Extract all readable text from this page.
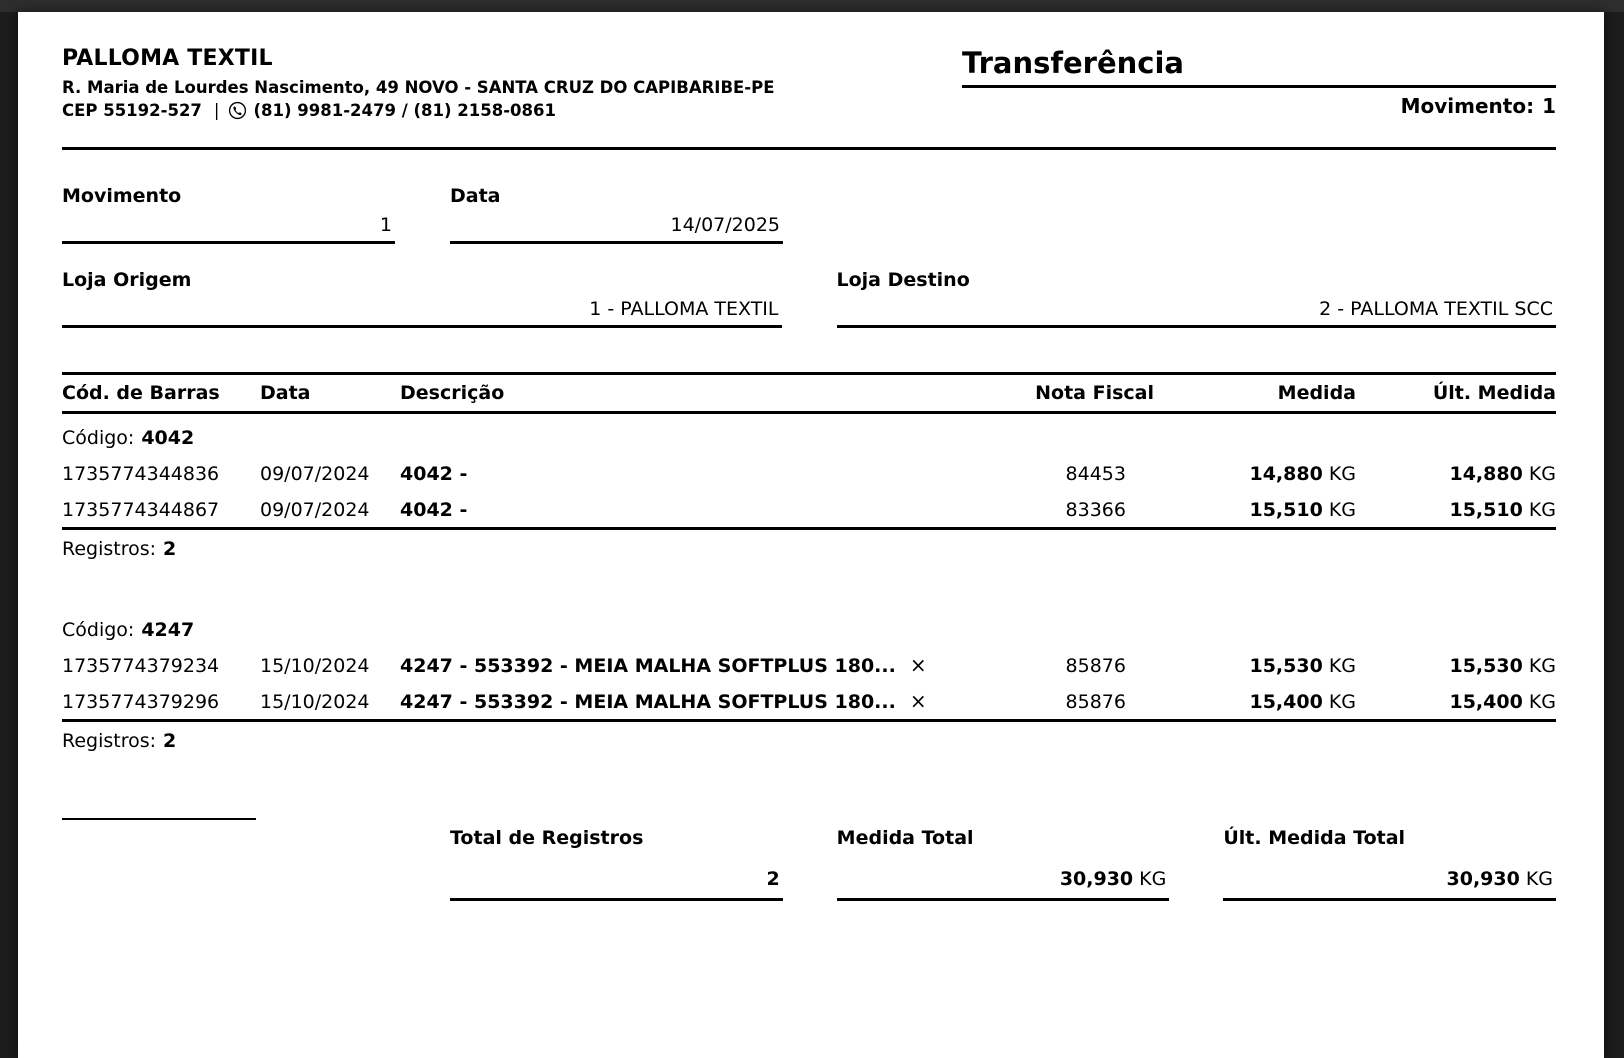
PALLOMA TEXTIL
R. Maria de Lourdes Nascimento, 49 NOVO - SANTA CRUZ DO CAPIBARIBE-PE
CEP 55192-527 | (81) 9981-2479 / (81) 2158-0861
Transferência
Movimento: 1
Movimento
1
Data
14/07/2025
Loja Origem
1 - PALLOMA TEXTIL
Loja Destino
2 - PALLOMA TEXTIL SCC
Cód. de Barras	Data	Descrição	Nota Fiscal	Medida	Últ. Medida
Código: 4042
1735774344836	09/07/2024	4042 -	84453	14,880 KG	14,880 KG
1735774344867	09/07/2024	4042 -	83366	15,510 KG	15,510 KG
Registros: 2
Código: 4247
1735774379234	15/10/2024	4247 - 553392 - MEIA MALHA SOFTPLUS 180... ×	85876	15,530 KG	15,530 KG
1735774379296	15/10/2024	4247 - 553392 - MEIA MALHA SOFTPLUS 180... ×	85876	15,400 KG	15,400 KG
Registros: 2
Total de Registros
2
Medida Total
30,930 KG
Últ. Medida Total
30,930 KG
